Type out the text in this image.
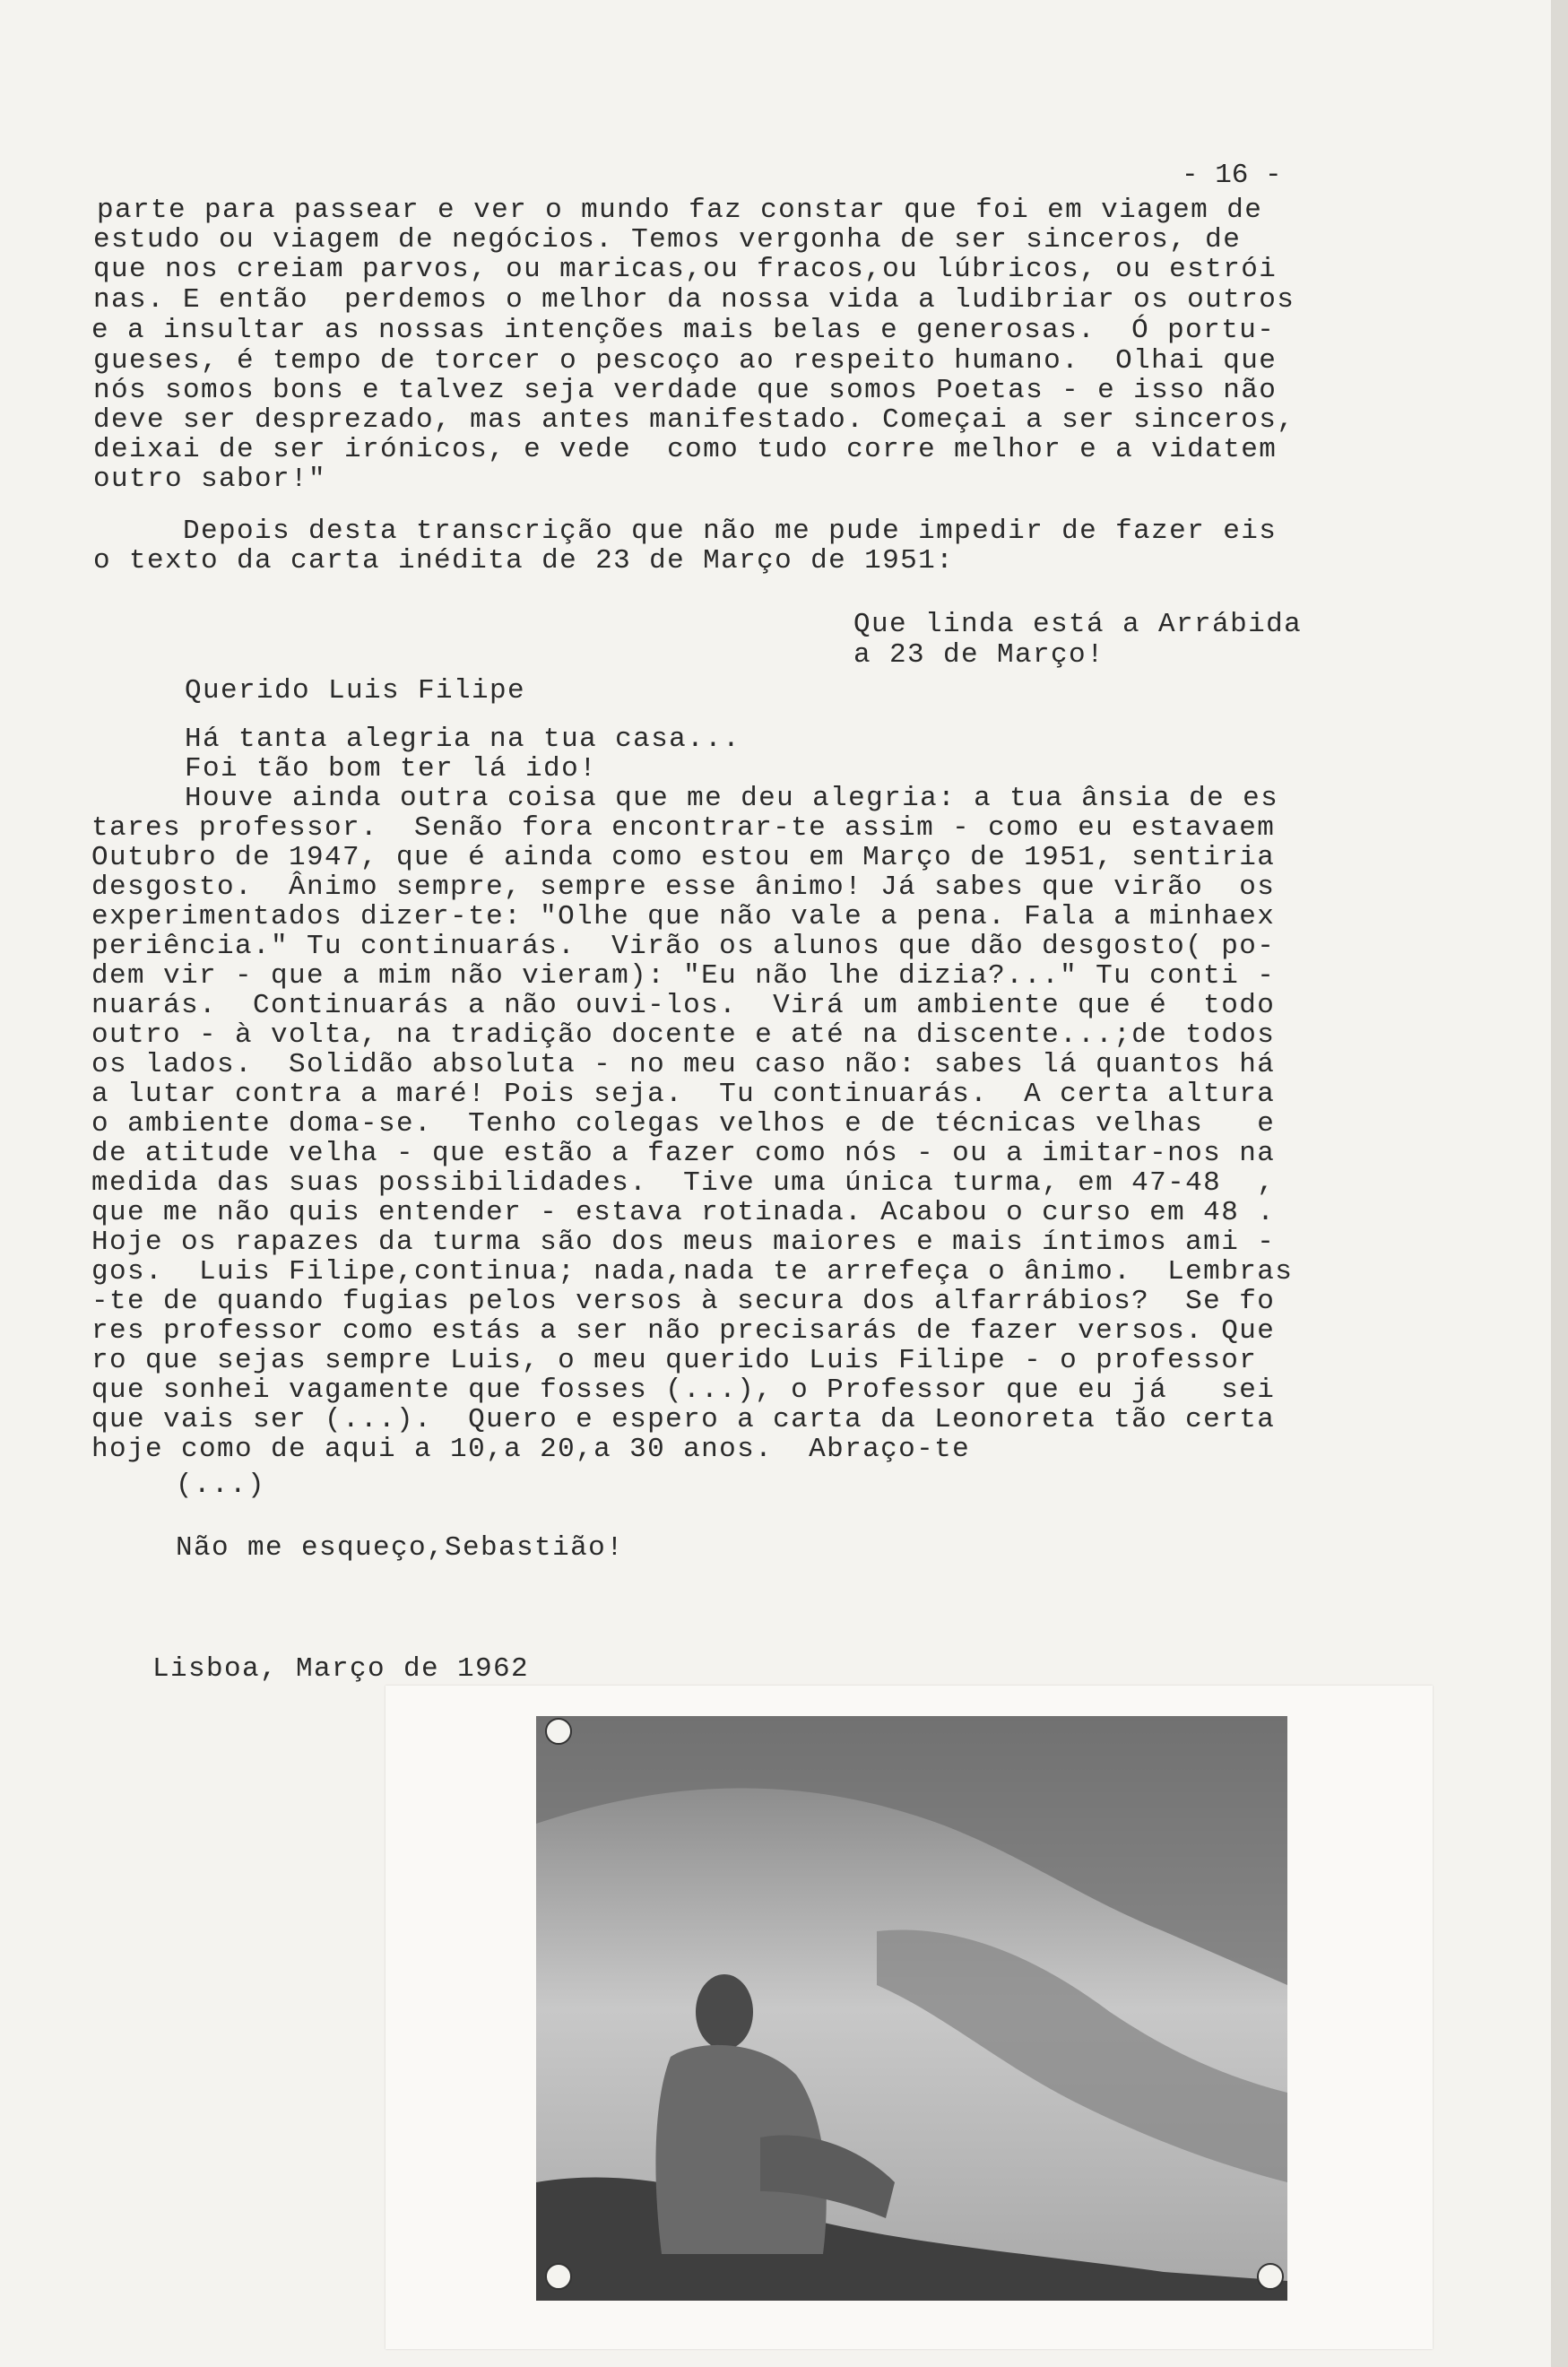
- 16 -
parte para passear e ver o mundo faz constar que foi em viagem de
estudo ou viagem de negócios. Temos vergonha de ser sinceros, de
que nos creiam parvos, ou maricas,ou fracos,ou lúbricos, ou estrói
nas. E então  perdemos o melhor da nossa vida a ludibriar os outros
e a insultar as nossas intenções mais belas e generosas.  Ó portu-
gueses, é tempo de torcer o pescoço ao respeito humano.  Olhai que
nós somos bons e talvez seja verdade que somos Poetas - e isso não
deve ser desprezado, mas antes manifestado. Começai a ser sinceros,
deixai de ser irónicos, e vede  como tudo corre melhor e a vidatem
outro sabor!"
Depois desta transcrição que não me pude impedir de fazer eis
o texto da carta inédita de 23 de Março de 1951:
Que linda está a Arrábida
a 23 de Março!
Querido Luis Filipe
Há tanta alegria na tua casa...
Foi tão bom ter lá ido!
Houve ainda outra coisa que me deu alegria: a tua ânsia de es
tares professor.  Senão fora encontrar-te assim - como eu estavaem
Outubro de 1947, que é ainda como estou em Março de 1951, sentiria
desgosto.  Ânimo sempre, sempre esse ânimo! Já sabes que virão  os
experimentados dizer-te: "Olhe que não vale a pena. Fala a minhaex
periência." Tu continuarás.  Virão os alunos que dão desgosto( po-
dem vir - que a mim não vieram): "Eu não lhe dizia?..." Tu conti -
nuarás.  Continuarás a não ouvi-los.  Virá um ambiente que é  todo
outro - à volta, na tradição docente e até na discente...;de todos
os lados.  Solidão absoluta - no meu caso não: sabes lá quantos há
a lutar contra a maré! Pois seja.  Tu continuarás.  A certa altura
o ambiente doma-se.  Tenho colegas velhos e de técnicas velhas   e
de atitude velha - que estão a fazer como nós - ou a imitar-nos na
medida das suas possibilidades.  Tive uma única turma, em 47-48  ,
que me não quis entender - estava rotinada. Acabou o curso em 48 .
Hoje os rapazes da turma são dos meus maiores e mais íntimos ami -
gos.  Luis Filipe,continua; nada,nada te arrefeça o ânimo.  Lembras
-te de quando fugias pelos versos à secura dos alfarrábios?  Se fo
res professor como estás a ser não precisarás de fazer versos. Que
ro que sejas sempre Luis, o meu querido Luis Filipe - o professor
que sonhei vagamente que fosses (...), o Professor que eu já   sei
que vais ser (...).  Quero e espero a carta da Leonoreta tão certa
hoje como de aqui a 10,a 20,a 30 anos.  Abraço-te
(...)
Não me esqueço,Sebastião!
Lisboa, Março de 1962
